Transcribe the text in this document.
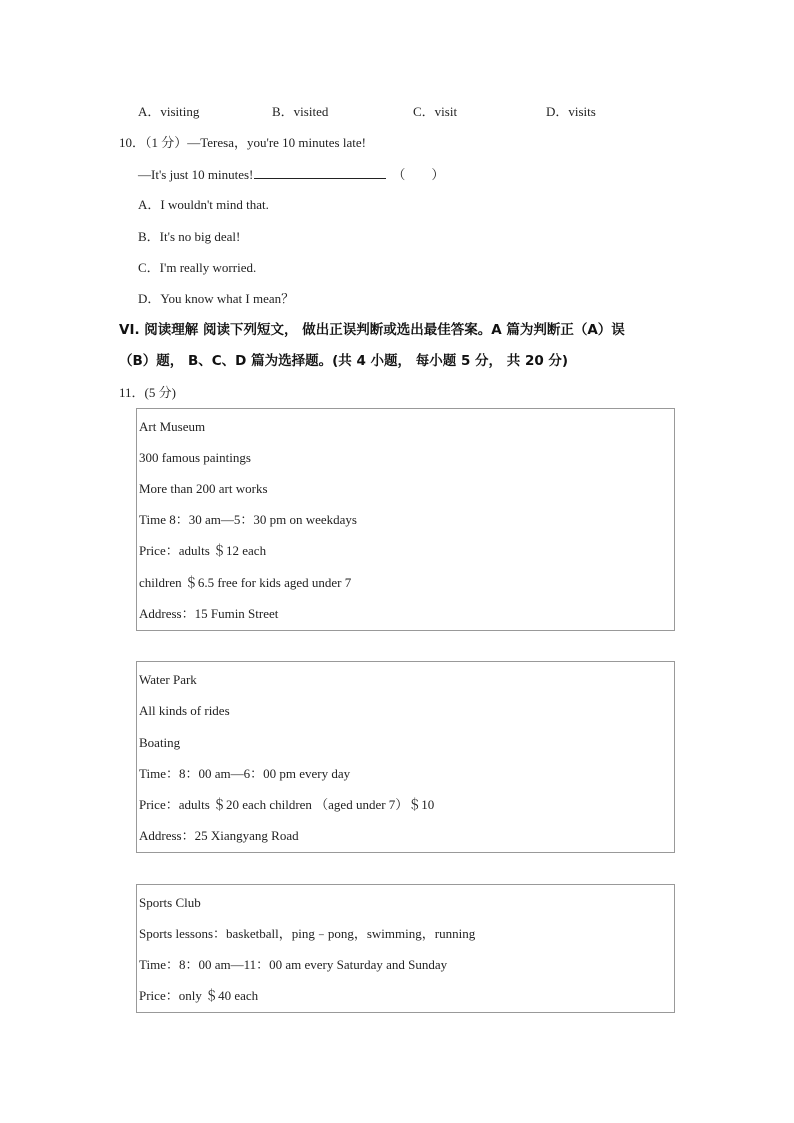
A．visiting	B．visited	C．visit	D．visits
10．（1 分）—Teresa，you're 10 minutes late!
—It's just 10 minutes!	（　　）
A．I wouldn't mind that.
B．It's no big deal!
C．I'm really worried.
D．You know what I mean？
VI. 阅读理解 阅读下列短文， 做出正误判断或选出最佳答案。A 篇为判断正（A）误
（B）题， B、C、D 篇为选择题。(共 4 小题， 每小题 5 分， 共 20 分)
11．(5 分)
Art Museum
300 famous paintings
More than 200 art works
Time 8：30 am—5：30 pm on weekdays
Price：adults ＄12 each
children ＄6.5 free for kids aged under 7
Address：15 Fumin Street
Water Park
All kinds of rides
Boating
Time：8：00 am—6：00 pm every day
Price：adults ＄20 each children （aged under 7）＄10
Address：25 Xiangyang Road
Sports Club
Sports lessons：basketball，ping﹣pong，swimming，running
Time：8：00 am—11：00 am every Saturday and Sunday
Price：only ＄40 each
